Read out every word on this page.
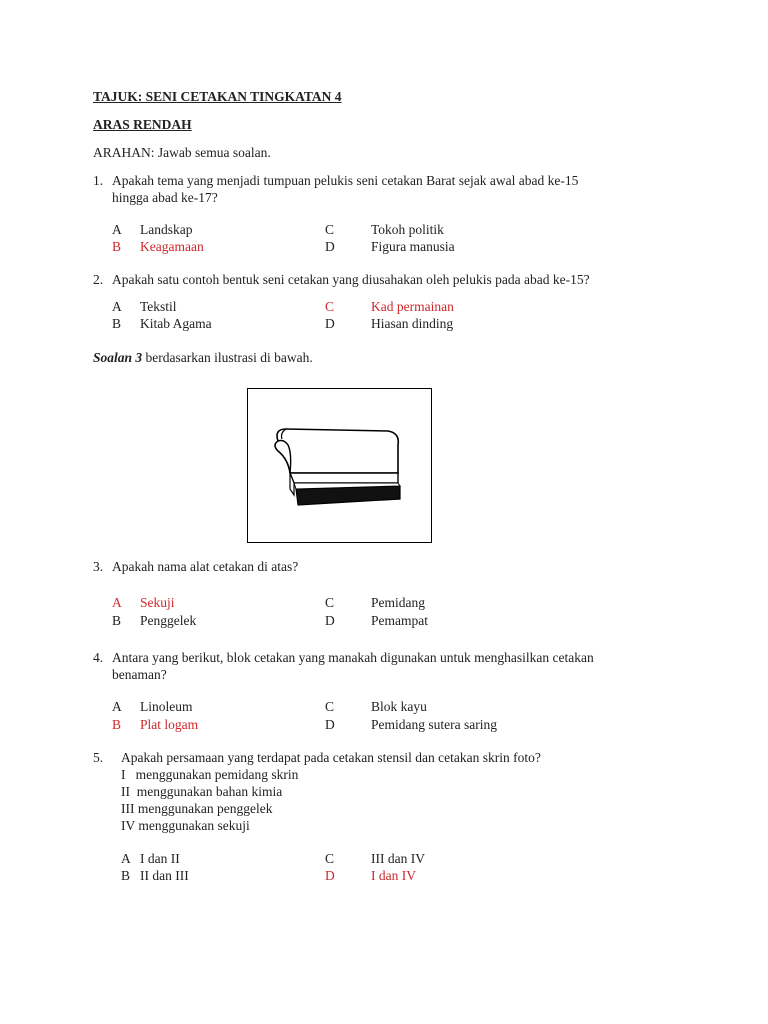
TAJUK: SENI CETAKAN TINGKATAN 4
ARAS RENDAH
ARAHAN: Jawab semua soalan.
1. Apakah tema yang menjadi tumpuan pelukis seni cetakan Barat sejak awal abad ke-15
hingga abad ke-17?
A Landskap	C	Tokoh politik
B Keagamaan	D	Figura manusia
2. Apakah satu contoh bentuk seni cetakan yang diusahakan oleh pelukis pada abad ke-15?
A Tekstil	C	Kad permainan
B Kitab Agama	D	Hiasan dinding
Soalan 3 berdasarkan ilustrasi di bawah.
3. Apakah nama alat cetakan di atas?
A Sekuji	C	Pemidang
B Penggelek	D	Pemampat
4. Antara yang berikut, blok cetakan yang manakah digunakan untuk menghasilkan cetakan
benaman?
A Linoleum	C	Blok kayu
B Plat logam	D	Pemidang sutera saring
5. Apakah persamaan yang terdapat pada cetakan stensil dan cetakan skrin foto?
I   menggunakan pemidang skrin
II  menggunakan bahan kimia
III menggunakan penggelek
IV menggunakan sekuji
A I dan II	C	III dan IV
B II dan III	D	I dan IV
